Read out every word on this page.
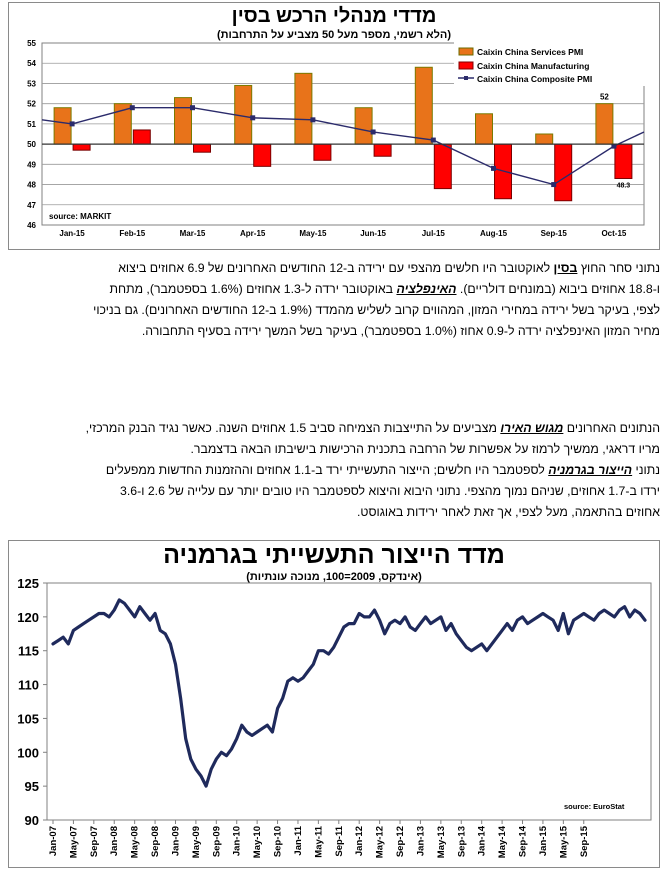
מדדי מנהלי הרכש בסין
(הלא רשמי, מספר מעל 50 מצביע על התרחבות)
46
47
48
49
50
51
52
53
54
55
Jan-15	Feb-15	Mar-15	Apr-15	May-15	Jun-15	Jul-15	Aug-15	Sep-15	Oct-15
52
48.3
Caixin China Services PMI
Caixin China Manufacturing
Caixin China Composite PMI
source: MARKIT
נתוני סחר החוץ בסין לאוקטובר היו חלשים מהצפי עם ירידה ב-12 החודשים האחרונים של 6.9 אחוזים ביצוא
ו-18.8 אחוזים ביבוא (במונחים דולריים). האינפלציה באוקטובר ירדה ל-1.3 אחוזים (1.6% בספטמבר), מתחת
לצפי, בעיקר בשל ירידה במחירי המזון, המהווים קרוב לשליש מהמדד (1.9% ב-12 החודשים האחרונים). גם בניכוי
מחיר המזון האינפלציה ירדה ל-0.9 אחוז (1.0% בספטמבר), בעיקר בשל המשך ירידה בסעיף התחבורה.
הנתונים האחרונים מגוש האירו מצביעים על התייצבות הצמיחה סביב 1.5 אחוזים השנה. כאשר נגיד הבנק המרכזי,
מריו דראגי, ממשיך לרמוז על אפשרות של הרחבה בתכנית הרכישות בישיבתו הבאה בדצמבר.
נתוני הייצור בגרמניה לספטמבר היו חלשים; הייצור התעשייתי ירד ב-1.1 אחוזים וההזמנות החדשות ממפעלים
ירדו ב-1.7 אחוזים, שניהם נמוך מהצפי. נתוני היבוא והיצוא לספטמבר היו טובים יותר עם עלייה של 2.6 ו-3.6
אחוזים בהתאמה, מעל לצפי, אך זאת לאחר ירידות באוגוסט.
מדד הייצור התעשייתי בגרמניה
(אינדקס, 2009=100, מנוכה עונתיות)
90
95
100
105
110
115
120
125
Jan-07 May-07 Sep-07 Jan-08 May-08 Sep-08 Jan-09 May-09 Sep-09 Jan-10 May-10 Sep-10 Jan-11 May-11 Sep-11 Jan-12 May-12 Sep-12 Jan-13 May-13 Sep-13 Jan-14 May-14 Sep-14 Jan-15 May-15 Sep-15
source: EuroStat
